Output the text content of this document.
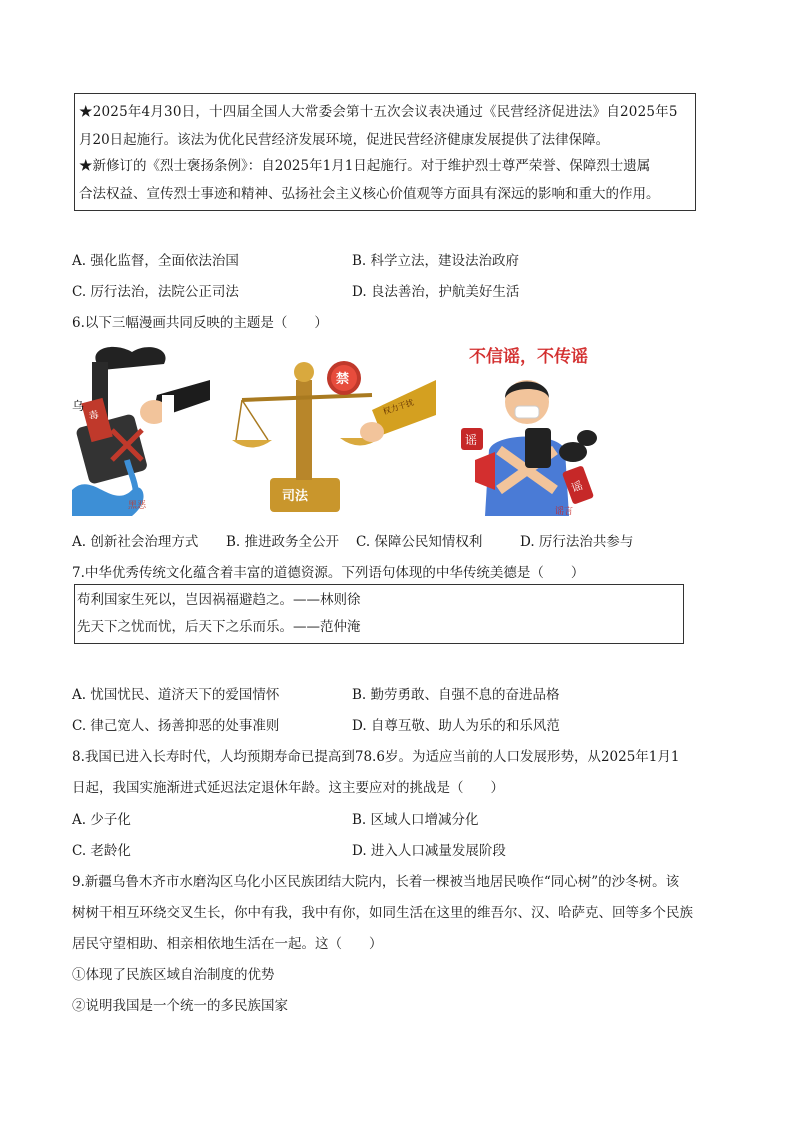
★2025年4月30日，十四届全国人大常委会第十五次会议表决通过《民营经济促进法》自2025年5
月20日起施行。该法为优化民营经济发展环境，促进民营经济健康发展提供了法律保障。
★新修订的《烈士褒扬条例》：自2025年1月1日起施行。对于维护烈士尊严荣誉、保障烈士遗属
合法权益、宣传烈士事迹和精神、弘扬社会主义核心价值观等方面具有深远的影响和重大的作用。
A. 强化监督，全面依法治国	B. 科学立法，建设法治政府
C. 厉行法治，法院公正司法	D. 良法善治，护航美好生活
6.以下三幅漫画共同反映的主题是（　　）
毒
黑恶
乌
司法
禁
权力干扰
不信谣，不传谣
谣
谣
谣言
A. 创新社会治理方式 B. 推进政务全公开 C. 保障公民知情权利	D. 厉行法治共参与
7.中华优秀传统文化蕴含着丰富的道德资源。下列语句体现的中华传统美德是（　　）
苟利国家生死以，岂因祸福避趋之。——林则徐
先天下之忧而忧，后天下之乐而乐。——范仲淹
A. 忧国忧民、道济天下的爱国情怀	B. 勤劳勇敢、自强不息的奋进品格
C. 律己宽人、扬善抑恶的处事准则	D. 自尊互敬、助人为乐的和乐风范
8.我国已进入长寿时代，人均预期寿命已提高到78.6岁。为适应当前的人口发展形势，从2025年1月1
日起，我国实施渐进式延迟法定退休年龄。这主要应对的挑战是（　　）
A. 少子化	B. 区域人口增减分化
C. 老龄化	D. 进入人口减量发展阶段
9.新疆乌鲁木齐市水磨沟区乌化小区民族团结大院内，长着一棵被当地居民唤作“同心树”的沙冬树。该
树树干相互环绕交叉生长，你中有我，我中有你，如同生活在这里的维吾尔、汉、哈萨克、回等多个民族
居民守望相助、相亲相依地生活在一起。这（　　）
①体现了民族区域自治制度的优势
②说明我国是一个统一的多民族国家
